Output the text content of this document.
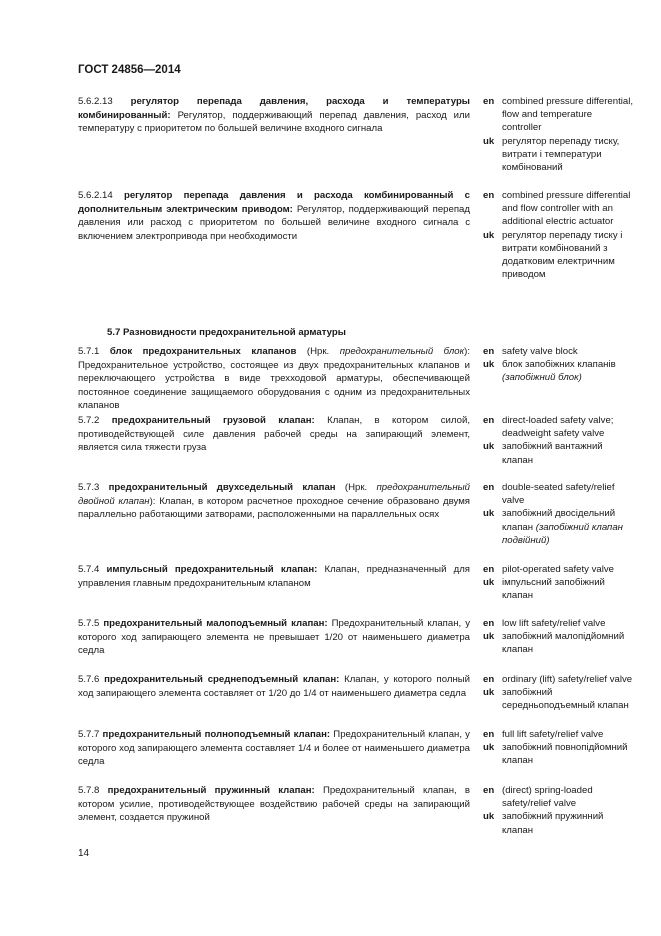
ГОСТ 24856—2014
5.6.2.13 регулятор перепада давления, расхода и температуры комбинированный: Регулятор, поддерживающий перепад давления, расход или температуру с приоритетом по большей величине входного сигнала
en combined pressure differential, flow and temperature controller
uk регулятор перепаду тиску, витрати і температури комбінований
5.6.2.14 регулятор перепада давления и расхода комбинированный с дополнительным электрическим приводом: Регулятор, поддерживающий перепад давления или расход с приоритетом по большей величине входного сигнала с включением электропривода при необходимости
en combined pressure differential and flow controller with an additional electric actuator
uk регулятор перепаду тиску і витрати комбінований з додатковим електричним приводом
5.7 Разновидности предохранительной арматуры
5.7.1 блок предохранительных клапанов (Нрк. предохранительный блок): Предохранительное устройство, состоящее из двух предохранительных клапанов и переключающего устройства в виде трехходовой арматуры, обеспечивающей постоянное соединение защищаемого оборудования с одним из предохранительных клапанов
en safety valve block
uk блок запобіжних клапанів (запобіжний блок)
5.7.2 предохранительный грузовой клапан: Клапан, в котором силой, противодействующей силе давления рабочей среды на запирающий элемент, является сила тяжести груза
en direct-loaded safety valve; deadweight safety valve
uk запобіжний вантажний клапан
5.7.3 предохранительный двухседельный клапан (Нрк. предохранительный двойной клапан): Клапан, в котором расчетное проходное сечение образовано двумя параллельно работающими затворами, расположенными на параллельных осях
en double-seated safety/relief valve
uk запобіжний двосідельний клапан (запобіжний клапан подвійний)
5.7.4 импульсный предохранительный клапан: Клапан, предназначенный для управления главным предохранительным клапаном
en pilot-operated safety valve
uk імпульсний запобіжний клапан
5.7.5 предохранительный малоподъемный клапан: Предохранительный клапан, у которого ход запирающего элемента не превышает 1/20 от наименьшего диаметра седла
en low lift safety/relief valve
uk запобіжний малопідйомний клапан
5.7.6 предохранительный среднеподъемный клапан: Клапан, у которого полный ход запирающего элемента составляет от 1/20 до 1/4 от наименьшего диаметра седла
en ordinary (lift) safety/relief valve
uk запобіжний середньоподъемный клапан
5.7.7 предохранительный полноподъемный клапан: Предохранительный клапан, у которого ход запирающего элемента составляет 1/4 и более от наименьшего диаметра седла
en full lift safety/relief valve
uk запобіжний повнопідйомний клапан
5.7.8 предохранительный пружинный клапан: Предохранительный клапан, в котором усилие, противодействующее воздействию рабочей среды на запирающий элемент, создается пружиной
en (direct) spring-loaded safety/relief valve
uk запобіжний пружинний клапан
14
